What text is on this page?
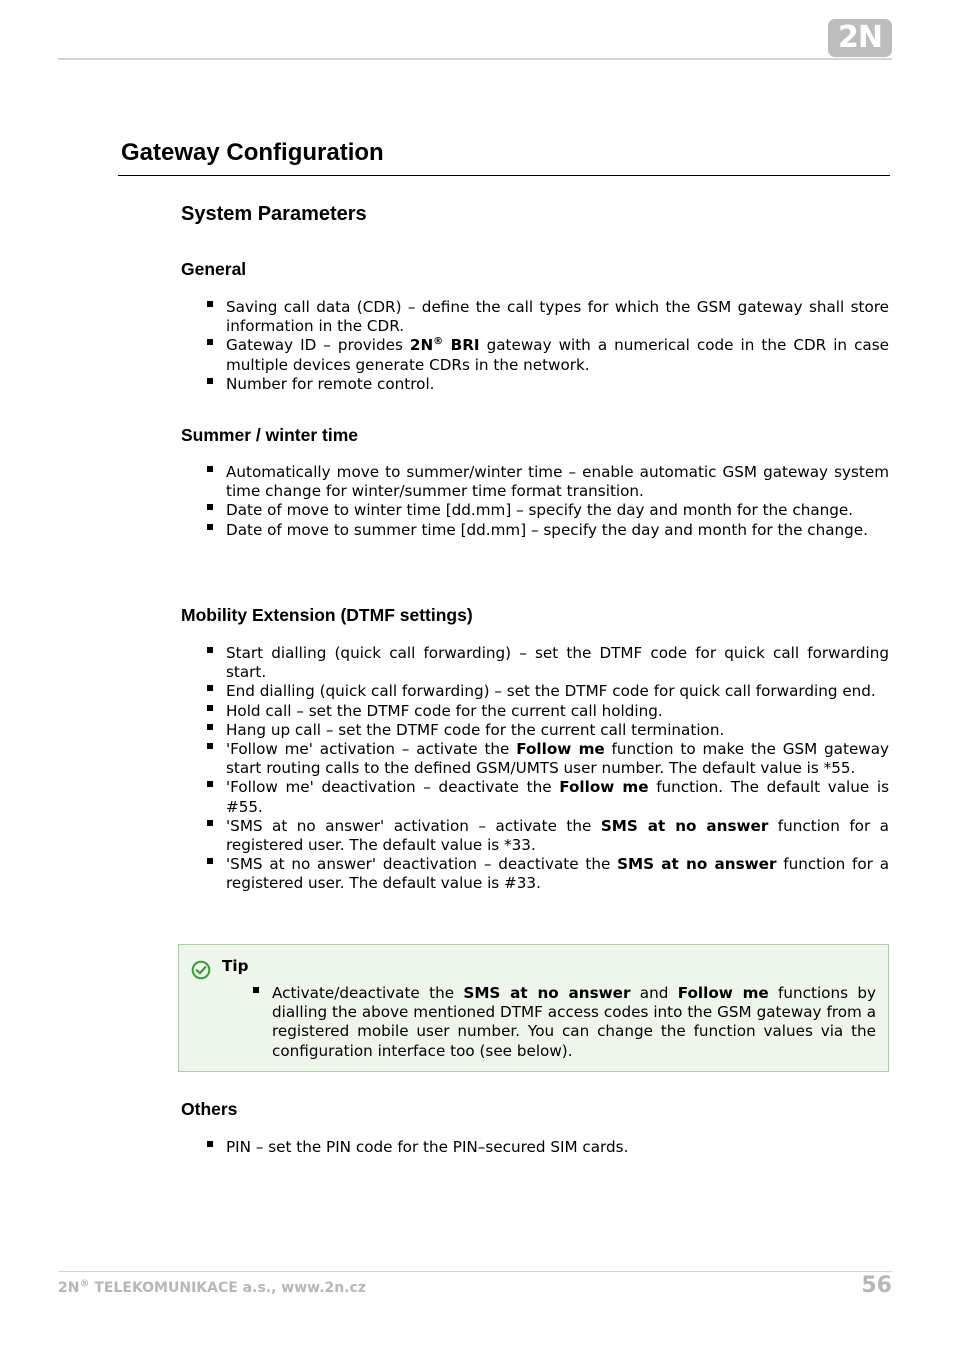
2N
Gateway Configuration
System Parameters
General
Saving call data (CDR) – define the call types for which the GSM gateway shall store information in the CDR.
Gateway ID – provides 2N® BRI gateway with a numerical code in the CDR in case multiple devices generate CDRs in the network.
Number for remote control.
Summer / winter time
Automatically move to summer/winter time – enable automatic GSM gateway system time change for winter/summer time format transition.
Date of move to winter time [dd.mm] – specify the day and month for the change.
Date of move to summer time [dd.mm] – specify the day and month for the change.
Mobility Extension (DTMF settings)
Start dialling (quick call forwarding) – set the DTMF code for quick call forwarding start.
End dialling (quick call forwarding) – set the DTMF code for quick call forwarding end.
Hold call – set the DTMF code for the current call holding.
Hang up call – set the DTMF code for the current call termination.
'Follow me' activation – activate the Follow me function to make the GSM gateway start routing calls to the defined GSM/UMTS user number. The default value is *55.
'Follow me' deactivation – deactivate the Follow me function. The default value is #55.
'SMS at no answer' activation – activate the SMS at no answer function for a registered user. The default value is *33.
'SMS at no answer' deactivation – deactivate the SMS at no answer function for a registered user. The default value is #33.
Tip
Activate/deactivate the SMS at no answer and Follow me functions by dialling the above mentioned DTMF access codes into the GSM gateway from a registered mobile user number. You can change the function values via the configuration interface too (see below).
Others
PIN – set the PIN code for the PIN–secured SIM cards.
2N® TELEKOMUNIKACE a.s., www.2n.cz	56
